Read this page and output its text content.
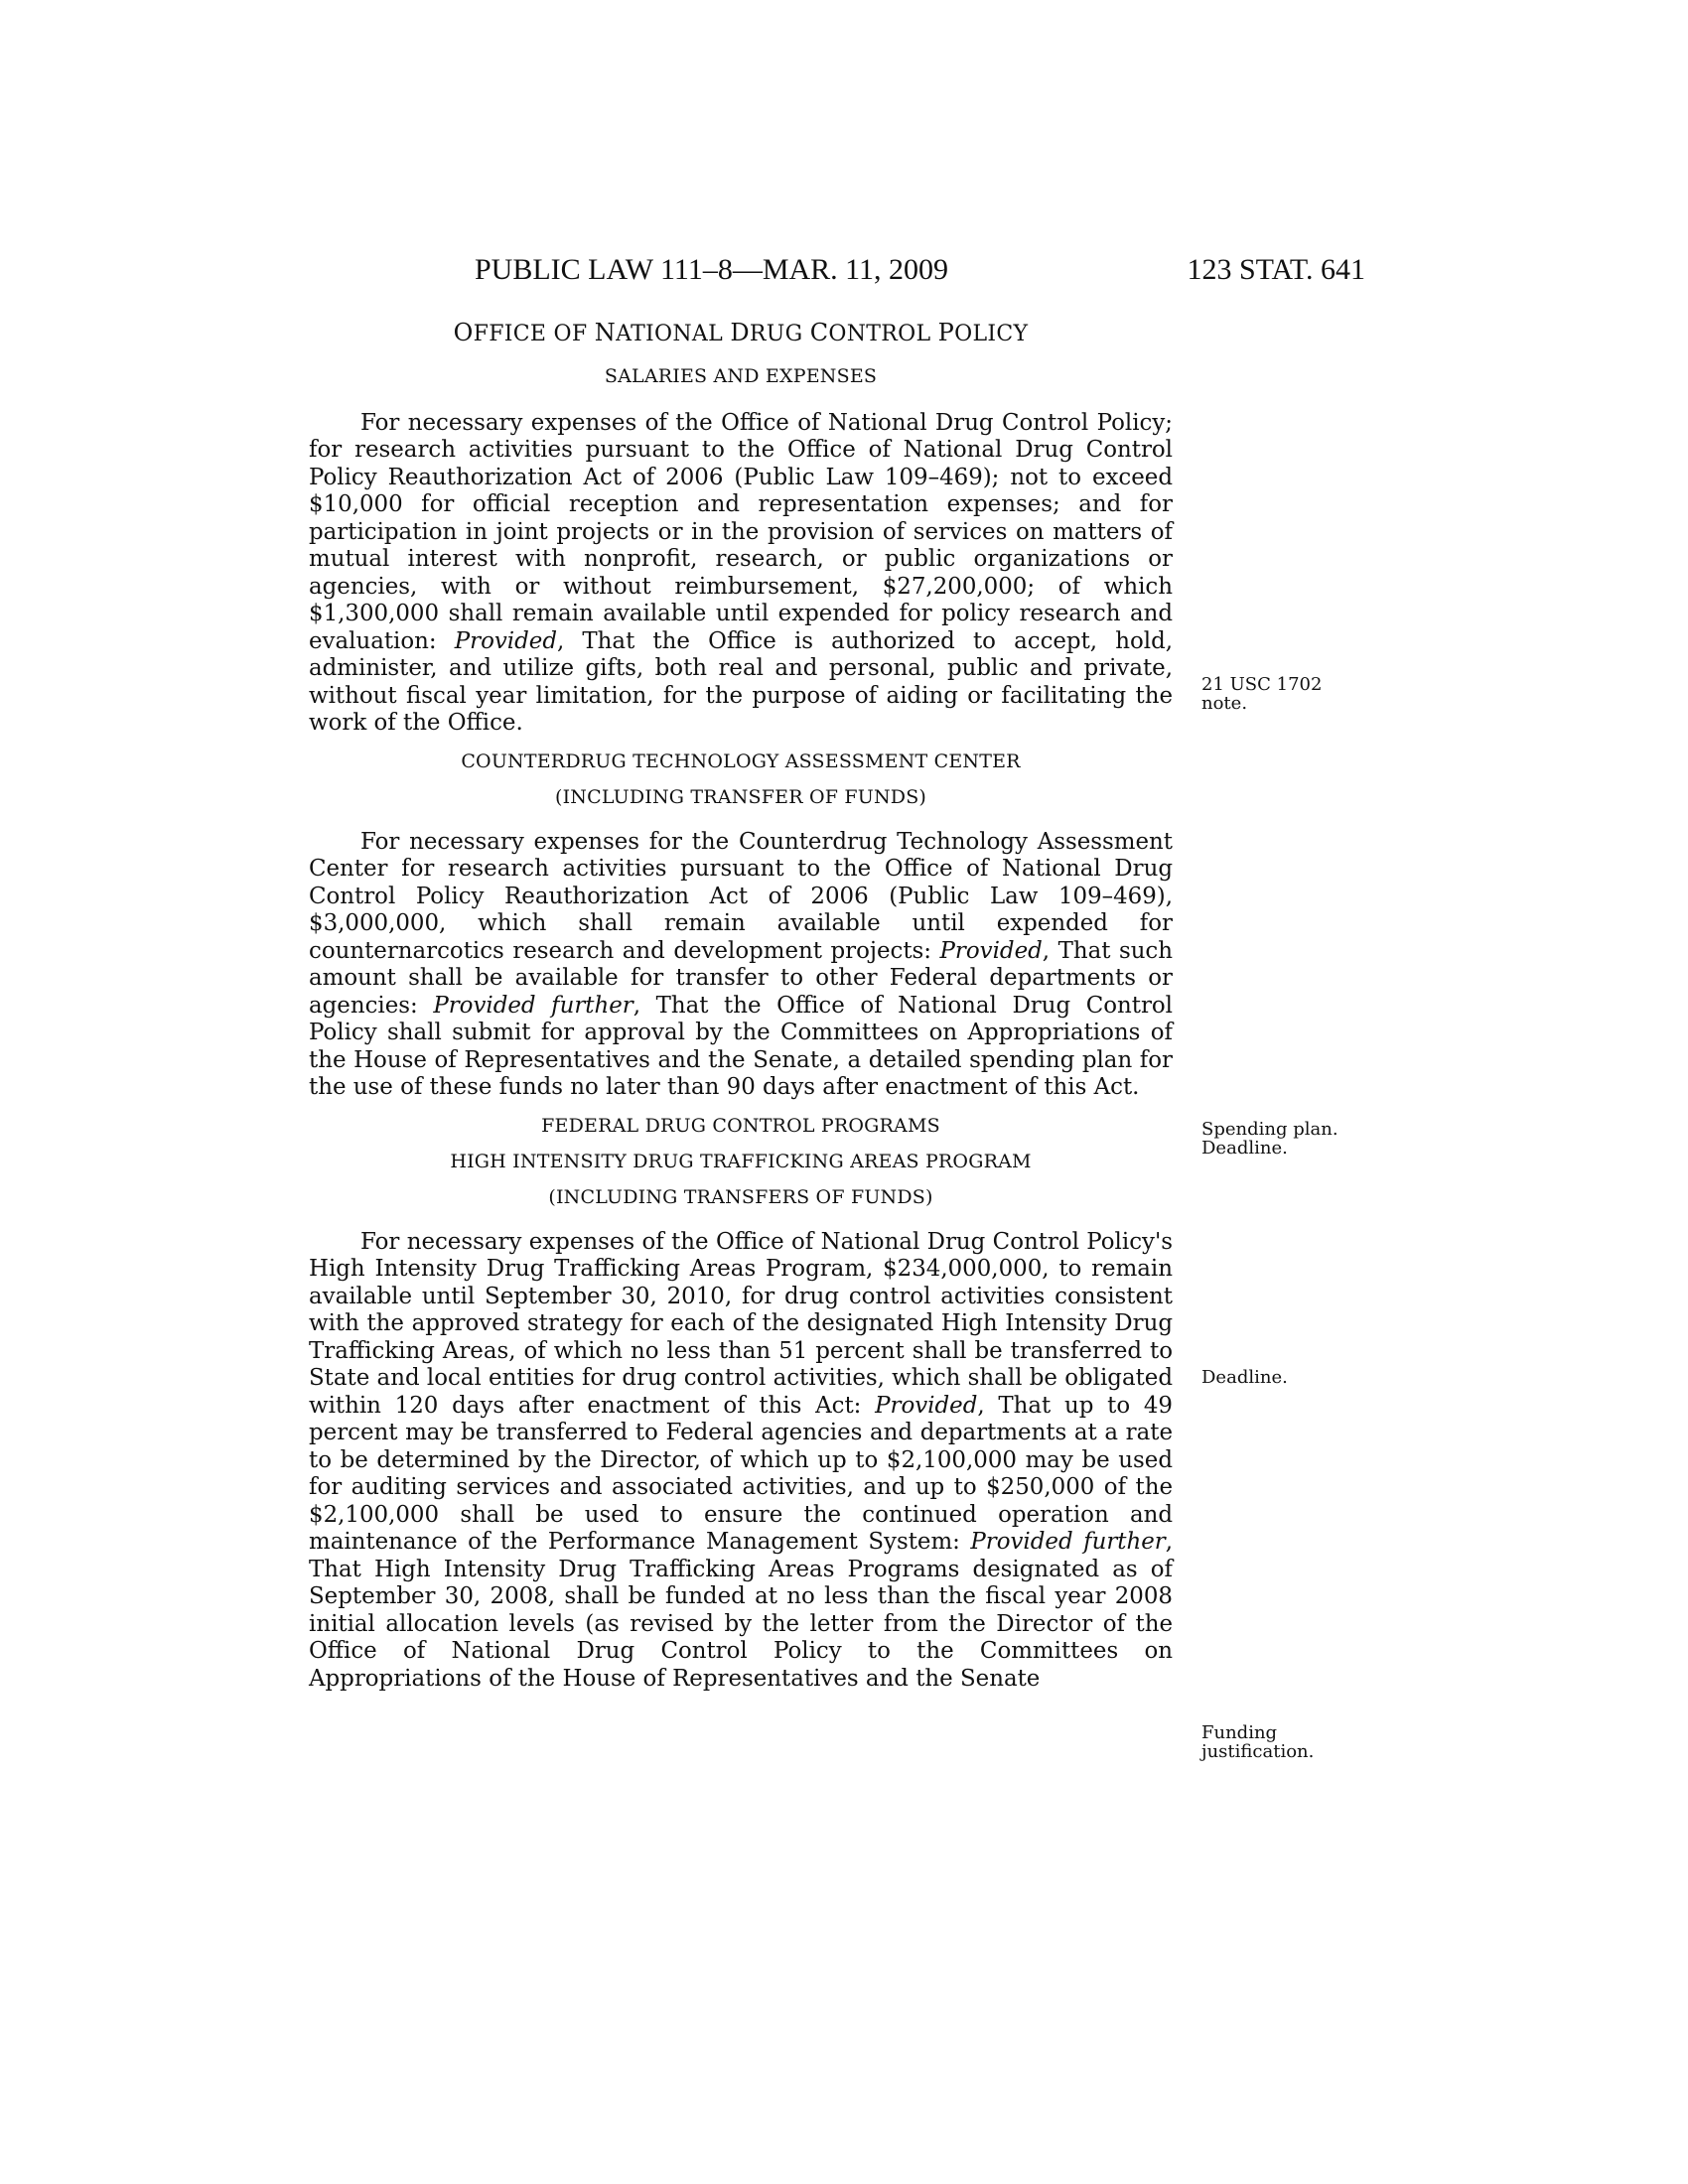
PUBLIC LAW 111–8—MAR. 11, 2009	123 STAT. 641
OFFICE OF NATIONAL DRUG CONTROL POLICY
SALARIES AND EXPENSES

For necessary expenses of the Office of National Drug Control Policy; for research activities pursuant to the Office of National Drug Control Policy Reauthorization Act of 2006 (Public Law 109–469); not to exceed $10,000 for official reception and representation expenses; and for participation in joint projects or in the provision of services on matters of mutual interest with nonprofit, research, or public organizations or agencies, with or without reimbursement, $27,200,000; of which $1,300,000 shall remain available until expended for policy research and evaluation: Provided, That the Office is authorized to accept, hold, administer, and utilize gifts, both real and personal, public and private, without fiscal year limitation, for the purpose of aiding or facilitating the work of the Office.

COUNTERDRUG TECHNOLOGY ASSESSMENT CENTER
(INCLUDING TRANSFER OF FUNDS)

For necessary expenses for the Counterdrug Technology Assessment Center for research activities pursuant to the Office of National Drug Control Policy Reauthorization Act of 2006 (Public Law 109–469), $3,000,000, which shall remain available until expended for counternarcotics research and development projects: Provided, That such amount shall be available for transfer to other Federal departments or agencies: Provided further, That the Office of National Drug Control Policy shall submit for approval by the Committees on Appropriations of the House of Representatives and the Senate, a detailed spending plan for the use of these funds no later than 90 days after enactment of this Act.

FEDERAL DRUG CONTROL PROGRAMS
HIGH INTENSITY DRUG TRAFFICKING AREAS PROGRAM
(INCLUDING TRANSFERS OF FUNDS)

For necessary expenses of the Office of National Drug Control Policy's High Intensity Drug Trafficking Areas Program, $234,000,000, to remain available until September 30, 2010, for drug control activities consistent with the approved strategy for each of the designated High Intensity Drug Trafficking Areas, of which no less than 51 percent shall be transferred to State and local entities for drug control activities, which shall be obligated within 120 days after enactment of this Act: Provided, That up to 49 percent may be transferred to Federal agencies and departments at a rate to be determined by the Director, of which up to $2,100,000 may be used for auditing services and associated activities, and up to $250,000 of the $2,100,000 shall be used to ensure the continued operation and maintenance of the Performance Management System: Provided further, That High Intensity Drug Trafficking Areas Programs designated as of September 30, 2008, shall be funded at no less than the fiscal year 2008 initial allocation levels (as revised by the letter from the Director of the Office of National Drug Control Policy to the Committees on Appropriations of the House of Representatives and the Senate

21 USC 1702
note.
Spending plan.
Deadline.
Deadline.
Funding
justification.
